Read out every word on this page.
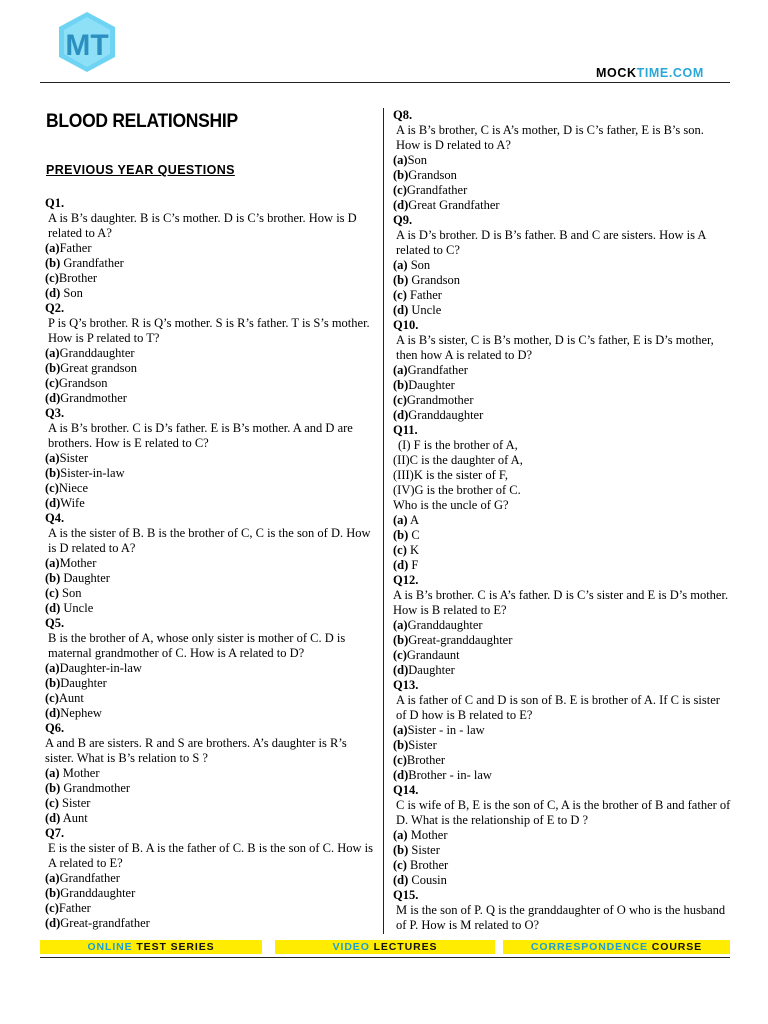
MT
MOCKTIME.COM
BLOOD RELATIONSHIP
PREVIOUS YEAR QUESTIONS
Q1.
A is B’s daughter. B is C’s mother. D is C’s brother. How is D related to A?
(a)Father
(b) Grandfather
(c)Brother
(d) Son
Q2.
P is Q’s brother. R is Q’s mother. S is R’s father. T is S’s mother. How is P related to T?
(a)Granddaughter
(b)Great grandson
(c)Grandson
(d)Grandmother
Q3.
A is B’s brother. C is D’s father. E is B’s mother. A and D are brothers. How is E related to C?
(a)Sister
(b)Sister-in-law
(c)Niece
(d)Wife
Q4.
A is the sister of B. B is the brother of C, C is the son of D. How is D related to A?
(a)Mother
(b) Daughter
(c) Son
(d) Uncle
Q5.
B is the brother of A, whose only sister is mother of C. D is maternal grandmother of C. How is A related to D?
(a)Daughter-in-law
(b)Daughter
(c)Aunt
(d)Nephew
Q6.
A and B are sisters. R and S are brothers. A’s daughter is R’s sister. What is B’s relation to S ?
(a) Mother
(b) Grandmother
(c) Sister
(d) Aunt
Q7.
E is the sister of B. A is the father of C. B is the son of C. How is A related to E?
(a)Grandfather
(b)Granddaughter
(c)Father
(d)Great-grandfather
Q8.
A is B’s brother, C is A’s mother, D is C’s father, E is B’s son. How is D related to A?
(a)Son
(b)Grandson
(c)Grandfather
(d)Great Grandfather
Q9.
A is D’s brother. D is B’s father. B and C are sisters. How is A related to C?
(a) Son
(b) Grandson
(c) Father
(d) Uncle
Q10.
A is B’s sister, C is B’s mother, D is C’s father, E is D’s mother, then how A is related to D?
(a)Grandfather
(b)Daughter
(c)Grandmother
(d)Granddaughter
Q11.
(I) F is the brother of A,
(II)C is the daughter of A,
(III)K is the sister of F,
(IV)G is the brother of C.
Who is the uncle of G?
(a) A
(b) C
(c) K
(d) F
Q12.
A is B’s brother. C is A’s father. D is C’s sister and E is D’s mother. How is B related to E?
(a)Granddaughter
(b)Great-granddaughter
(c)Grandaunt
(d)Daughter
Q13.
A is father of C and D is son of B. E is brother of A. If C is sister of D how is B related to E?
(a)Sister - in - law
(b)Sister
(c)Brother
(d)Brother - in- law
Q14.
C is wife of B, E is the son of C, A is the brother of B and father of D. What is the relationship of E to D ?
(a) Mother
(b) Sister
(c) Brother
(d) Cousin
Q15.
M is the son of P. Q is the granddaughter of O who is the husband of P. How is M related to O?
ONLINE TEST SERIES	VIDEO LECTURES	CORRESPONDENCE COURSE
